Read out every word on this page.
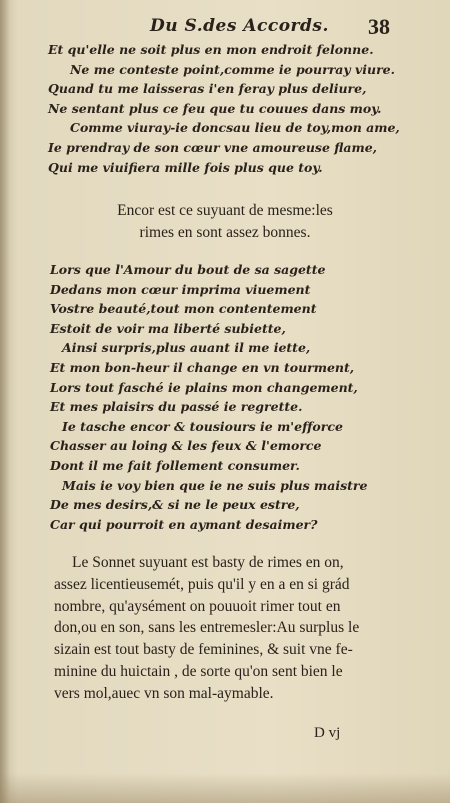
Du S.des Accords. 38
Et qu'elle ne soit plus en mon endroit felonne.
Ne me conteste point,comme ie pourray viure.
Quand tu me laisseras i'en feray plus deliure,
Ne sentant plus ce feu que tu couues dans moy.
Comme viuray-ie doncsau lieu de toy,mon ame,
Ie prendray de son cœur vne amoureuse flame,
Qui me viuifiera mille fois plus que toy.
Encor est ce suyuant de mesme:les
rimes en sont assez bonnes.
Lors que l'Amour du bout de sa sagette
Dedans mon cœur imprima viuement
Vostre beauté,tout mon contentement
Estoit de voir ma liberté subiette,
Ainsi surpris,plus auant il me iette,
Et mon bon-heur il change en vn tourment,
Lors tout fasché ie plains mon changement,
Et mes plaisirs du passé ie regrette.
Ie tasche encor & tousiours ie m'efforce
Chasser au loing & les feux & l'emorce
Dont il me fait follement consumer.
Mais ie voy bien que ie ne suis plus maistre
De mes desirs,& si ne le peux estre,
Car qui pourroit en aymant desaimer?
Le Sonnet suyuant est basty de rimes en on,
assez licentieusemét, puis qu'il y en a en si grád
nombre, qu'aysément on pouuoit rimer tout en
don,ou en son, sans les entremesler:Au surplus le
sizain est tout basty de feminines, & suit vne fe-
minine du huictain , de sorte qu'on sent bien le
vers mol,auec vn son mal-aymable.
D vj
